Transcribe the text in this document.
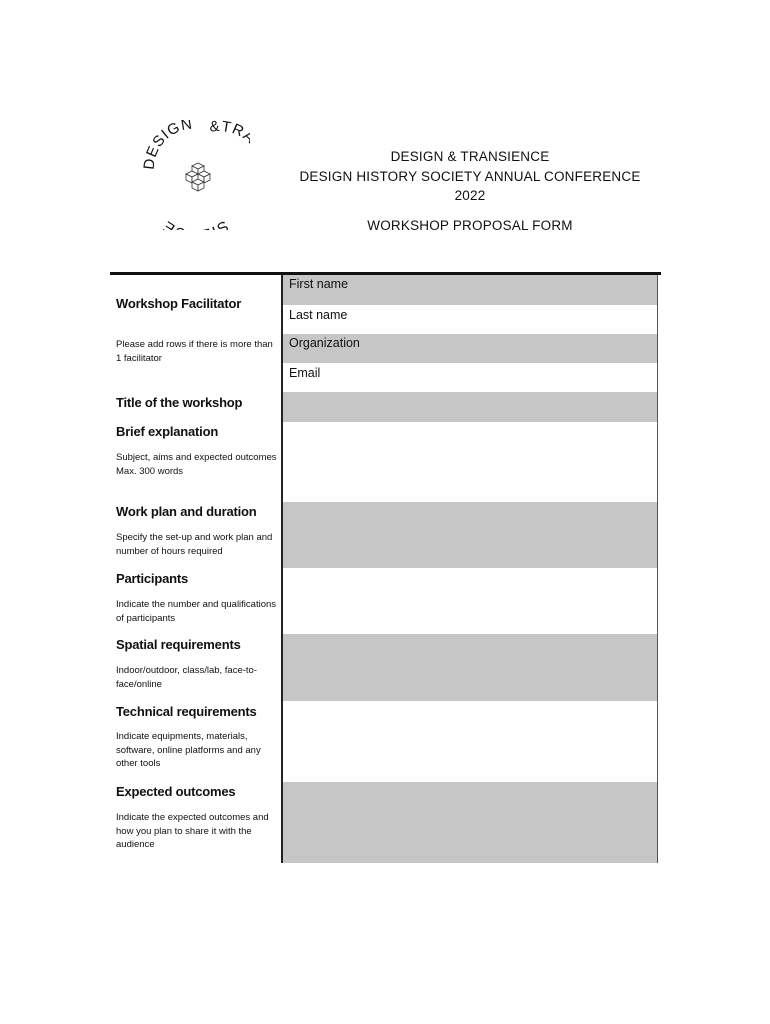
DESIGN &TR
S E
DESIGN & TRANSIENCE
DESIGN HISTORY SOCIETY ANNUAL CONFERENCE
2022
WORKSHOP PROPOSAL FORM
First name
Last name
Organization
Email
Workshop Facilitator
Please add rows if there is more than 1 facilitator
Title of the workshop
Brief explanation
Subject, aims and expected outcomes
Max. 300 words
Work plan and duration
Specify the set-up and work plan and number of hours required
Participants
Indicate the number and qualifications of participants
Spatial requirements
Indoor/outdoor, class/lab, face-to-face/online
Technical requirements
Indicate equipments, materials, software, online platforms and any other tools
Expected outcomes
Indicate the expected outcomes and how you plan to share it with the audience
